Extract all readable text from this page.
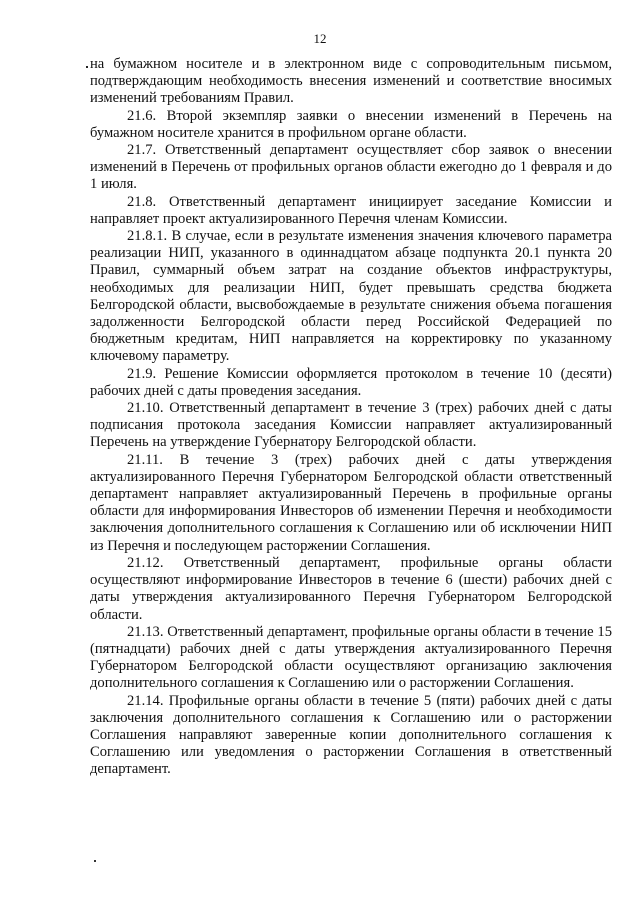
12

на бумажном носителе и в электронном виде с сопроводительным письмом, подтверждающим необходимость внесения изменений и соответствие вносимых изменений требованиям Правил.

21.6. Второй экземпляр заявки о внесении изменений в Перечень на бумажном носителе хранится в профильном органе области.

21.7. Ответственный департамент осуществляет сбор заявок о внесении изменений в Перечень от профильных органов области ежегодно до 1 февраля и до 1 июля.

21.8. Ответственный департамент инициирует заседание Комиссии и направляет проект актуализированного Перечня членам Комиссии.

21.8.1. В случае, если в результате изменения значения ключевого параметра реализации НИП, указанного в одиннадцатом абзаце подпункта 20.1 пункта 20 Правил, суммарный объем затрат на создание объектов инфраструктуры, необходимых для реализации НИП, будет превышать средства бюджета Белгородской области, высвобождаемые в результате снижения объема погашения задолженности Белгородской области перед Российской Федерацией по бюджетным кредитам, НИП направляется на корректировку по указанному ключевому параметру.

21.9. Решение Комиссии оформляется протоколом в течение 10 (десяти) рабочих дней с даты проведения заседания.

21.10. Ответственный департамент в течение 3 (трех) рабочих дней с даты подписания протокола заседания Комиссии направляет актуализированный Перечень на утверждение Губернатору Белгородской области.

21.11. В течение 3 (трех) рабочих дней с даты утверждения актуализированного Перечня Губернатором Белгородской области ответственный департамент направляет актуализированный Перечень в профильные органы области для информирования Инвесторов об изменении Перечня и необходимости заключения дополнительного соглашения к Соглашению или об исключении НИП из Перечня и последующем расторжении Соглашения.

21.12. Ответственный департамент, профильные органы области осуществляют информирование Инвесторов в течение 6 (шести) рабочих дней с даты утверждения актуализированного Перечня Губернатором Белгородской области.

21.13. Ответственный департамент, профильные органы области в течение 15 (пятнадцати) рабочих дней с даты утверждения актуализированного Перечня Губернатором Белгородской области осуществляют организацию заключения дополнительного соглашения к Соглашению или о расторжении Соглашения.

21.14. Профильные органы области в течение 5 (пяти) рабочих дней с даты заключения дополнительного соглашения к Соглашению или о расторжении Соглашения направляют заверенные копии дополнительного соглашения к Соглашению или уведомления о расторжении Соглашения в ответственный департамент.
